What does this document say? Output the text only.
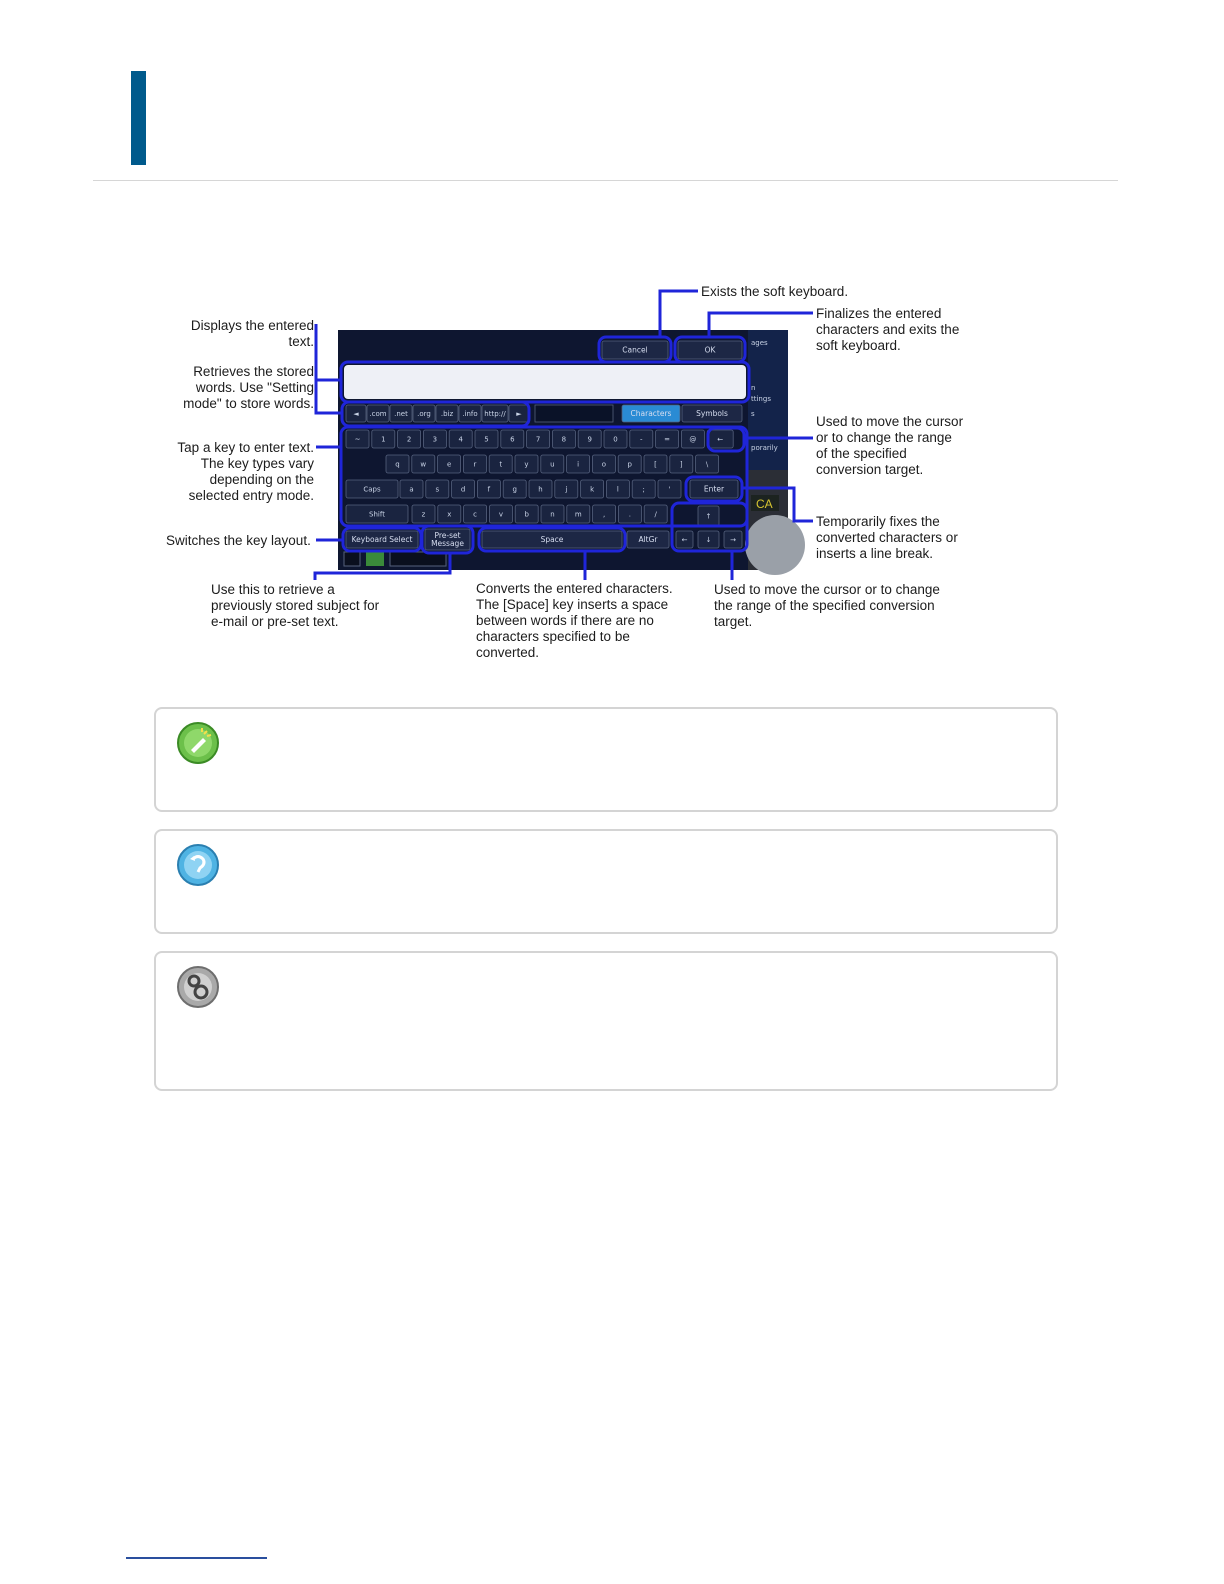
CA
ages
n
ttings
s
porarily
Cancel	OK
◄ .com .net .org .biz .info http:// ►	Characters	Symbols
~	1	2	3	4	5	6	7	8	9	0	-	=	@	←
q	w	e	r	t	y	u	i	o	p	[	]	\
Caps	a	s	d	f	g	h	j	k	l	;	'	Enter
Shift	z	x	c	v	b	n	m	,	.	/
Keyboard Select	Pre-set
Message	Space	AltGr	←
↑
↓	→
Exists the soft keyboard.
Finalizes the entered
characters and exits the
soft keyboard.
Displays the entered
text.
Retrieves the stored
words. Use "Setting
mode" to store words.
Tap a key to enter text.
The key types vary
depending on the
selected entry mode.
Switches the key layout.
Used to move the cursor
or to change the range
of the specified
conversion target.
Temporarily fixes the
converted characters or
inserts a line break.
Use this to retrieve a
previously stored subject for
e-mail or pre-set text.
Converts the entered characters.
The [Space] key inserts a space
between words if there are no
characters specified to be
converted.
Used to move the cursor or to change
the range of the specified conversion
target.
